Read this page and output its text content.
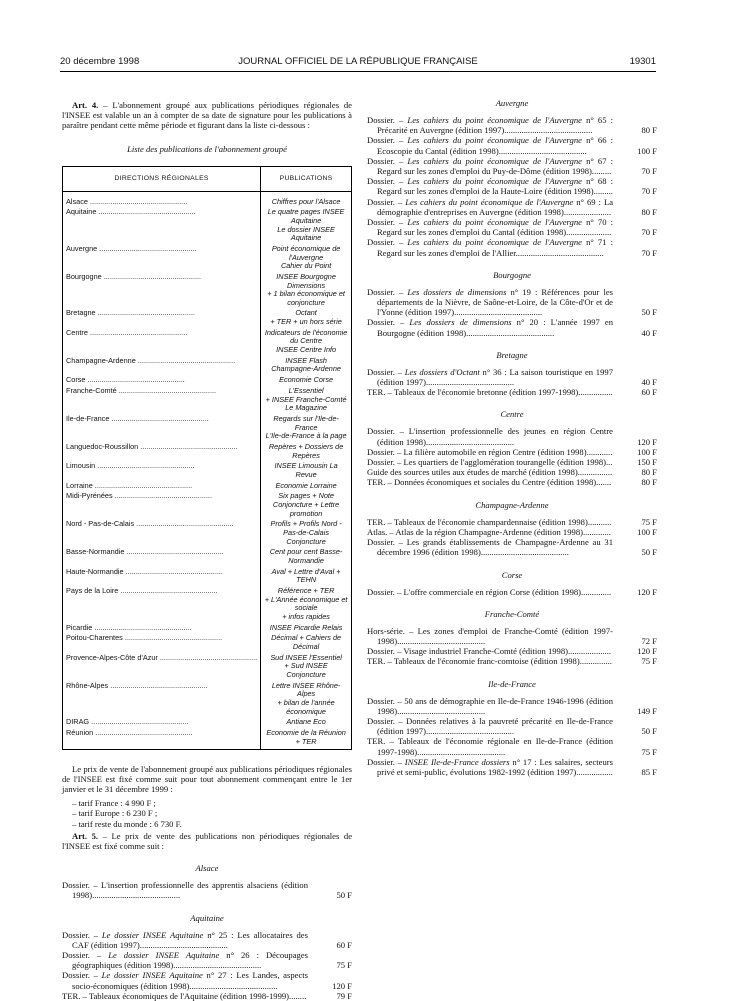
20 décembre 1998	JOURNAL OFFICIEL DE LA RÉPUBLIQUE FRANÇAISE	19301

Art. 4. – L'abonnement groupé aux publications périodiques régionales de l'INSEE est valable un an à compter de sa date de signature pour les publications à paraître pendant cette même période et figurant dans la liste ci-dessous :

Liste des publications de l'abonnement groupé
DIRECTIONS RÉGIONALES	PUBLICATIONS
Alsace .....	Chiffres pour l'Alsace
Aquitaine .....	Le quatre pages INSEE Aquitaine
Le dossier INSEE Aquitaine
Auvergne .....	Point économique de l'Auvergne
Cahier du Point
Bourgogne .....	INSEE Bourgogne Dimensions
+ 1 bilan économique et conjoncture
Bretagne .....	Octant
+ TER + un hors série
Centre .....	Indicateurs de l'économie du Centre
INSEE Centre Info
Champagne-Ardenne .....	INSEE Flash Champagne-Ardenne
Corse .....	Economie Corse
Franche-Comté .....	L'Essentiel
+ INSEE Franche-Comté Le Magazine
Ile-de-France .....	Regards sur l'Ile-de-France
L'Ile-de-France à la page
Languedoc-Roussillon .....	Repères + Dossiers de Repères
Limousin .....	INSEE Limousin La Revue
Lorraine .....	Economie Lorraine
Midi-Pyrénées .....	Six pages + Note Conjoncture + Lettre
promotion
Nord - Pas-de-Calais .....	Profils + Profils Nord - Pas-de-Calais
Conjoncture
Basse-Normandie .....	Cent pour cent Basse-Normandie
Haute-Normandie .....	Aval + Lettre d'Aval + TEHN
Pays de la Loire .....	Référence + TER
+ L'Année économique et sociale
+ infos rapides
Picardie .....	INSEE Picardie Relais
Poitou-Charentes .....	Décimal + Cahiers de Décimal
Provence-Alpes-Côte d'Azur .....	Sud INSEE l'Essentiel
+ Sud INSEE Conjoncture
Rhône-Alpes .....	Lettre INSEE Rhône-Alpes
+ bilan de l'année économique
DIRAG .....	Antiane Eco
Réunion .....	Economie de la Réunion + TER

Le prix de vente de l'abonnement groupé aux publications périodiques régionales de l'INSEE est fixé comme suit pour tout abonnement commençant entre le 1er janvier et le 31 décembre 1999 :

– tarif France : 4 990 F ;
– tarif Europe : 6 230 F ;
– tarif reste du monde : 6 730 F.

Art. 5. – Le prix de vente des publications non périodiques régionales de l'INSEE est fixé comme suit :

Alsace
Dossier. – L'insertion professionnelle des apprentis alsaciens (édition 1998).........................................	50 F
Aquitaine
Dossier. – Le dossier INSEE Aquitaine n° 25 : Les allocataires des CAF (édition 1997).........................................	60 F
Dossier. – Le dossier INSEE Aquitaine n° 26 : Découpages géographiques (édition 1998).........................................	75 F
Dossier. – Le dossier INSEE Aquitaine n° 27 : Les Landes, aspects socio-économiques (édition 1998).........................................	120 F
TER. – Tableaux économiques de l'Aquitaine (édition 1998-1999)........	79 F
Auvergne
Dossier. – Les cahiers du point économique de l'Auvergne n° 65 : Précarité en Auvergne (édition 1997).........................................	80 F
Dossier. – Les cahiers du point économique de l'Auvergne n° 66 : Ecoscopie du Cantal (édition 1998).........................................	100 F
Dossier. – Les cahiers du point économique de l'Auvergne n° 67 : Regard sur les zones d'emploi du Puy-de-Dôme (édition 1998).........	70 F
Dossier. – Les cahiers du point économique de l'Auvergne n° 68 : Regard sur les zones d'emploi de la Haute-Loire (édition 1998).........	70 F
Dossier. – Les cahiers du point économique de l'Auvergne n° 69 : La démographie d'entreprises en Auvergne (édition 1998)......................	80 F
Dossier. – Les cahiers du point économique de l'Auvergne n° 70 : Regard sur les zones d'emploi du Cantal (édition 1998).....................	70 F
Dossier. – Les cahiers du point économique de l'Auvergne n° 71 : Regard sur les zones d'emploi de l'Allier.........................................	70 F
Bourgogne
Dossier. – Les dossiers de dimensions n° 19 : Références pour les départements de la Nièvre, de Saône-et-Loire, de la Côte-d'Or et de l'Yonne (édition 1997).........................................	50 F
Dossier. – Les dossiers de dimensions n° 20 : L'année 1997 en Bourgogne (édition 1998).........................................	40 F
Bretagne
Dossier. – Les dossiers d'Octant n° 36 : La saison touristique en 1997 (édition 1997).........................................	40 F
TER. – Tableaux de l'économie bretonne (édition 1997-1998)................	60 F
Centre
Dossier. – L'insertion professionnelle des jeunes en région Centre (édition 1998).........................................	120 F
Dossier. – La filière automobile en région Centre (édition 1998)............	100 F
Dossier. – Les quartiers de l'agglomération tourangelle (édition 1998)...	150 F
Guide des sources utiles aux études de marché (édition 1998)................	80 F
TER. – Données économiques et sociales du Centre (édition 1998).......	80 F
Champagne-Ardenne
TER. – Tableaux de l'économie champardennaise (édition 1998)...........	75 F
Atlas. – Atlas de la région Champagne-Ardenne (édition 1998).............	100 F
Dossier. – Les grands établissements de Champagne-Ardenne au 31 décembre 1996 (édition 1998).........................................	50 F
Corse
Dossier. – L'offre commerciale en région Corse (édition 1998)..............	120 F
Franche-Comté
Hors-série. – Les zones d'emploi de Franche-Comté (édition 1997-1998).........................................	72 F
Dossier. – Visage industriel Franche-Comté (édition 1998)....................	120 F
TER. – Tableaux de l'économie franc-comtoise (édition 1998)...............	75 F
Ile-de-France
Dossier. – 50 ans de démographie en Ile-de-France 1946-1996 (édition 1998).........................................	149 F
Dossier. – Données relatives à la pauvreté précarité en Ile-de-France (édition 1997).........................................	50 F
TER. – Tableaux de l'économie régionale en Ile-de-France (édition 1997-1998).........................................	75 F
Dossier. – INSEE Ile-de-France dossiers n° 17 : Les salaires, secteurs privé et semi-public, évolutions 1982-1992 (édition 1997).................	85 F
